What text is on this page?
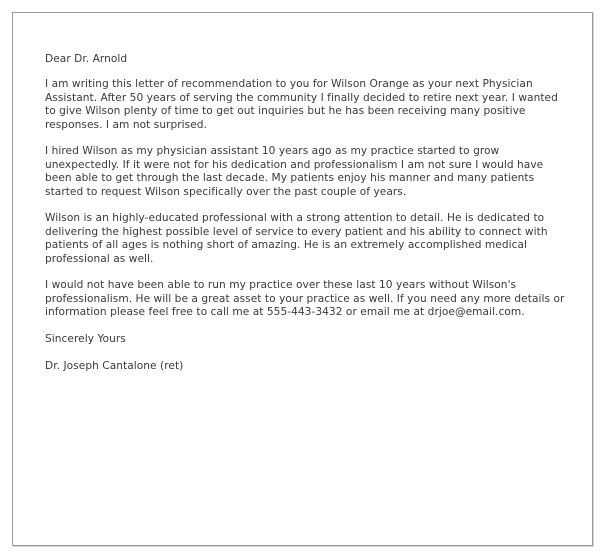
Dear Dr. Arnold

I am writing this letter of recommendation to you for Wilson Orange as your next Physician Assistant. After 50 years of serving the community I finally decided to retire next year. I wanted to give Wilson plenty of time to get out inquiries but he has been receiving many positive responses. I am not surprised.

I hired Wilson as my physician assistant 10 years ago as my practice started to grow unexpectedly. If it were not for his dedication and professionalism I am not sure I would have been able to get through the last decade. My patients enjoy his manner and many patients started to request Wilson specifically over the past couple of years.

Wilson is an highly-educated professional with a strong attention to detail. He is dedicated to delivering the highest possible level of service to every patient and his ability to connect with patients of all ages is nothing short of amazing. He is an extremely accomplished medical professional as well.

I would not have been able to run my practice over these last 10 years without Wilson's professionalism. He will be a great asset to your practice as well. If you need any more details or information please feel free to call me at 555-443-3432 or email me at drjoe@email.com.

Sincerely Yours

Dr. Joseph Cantalone (ret)
